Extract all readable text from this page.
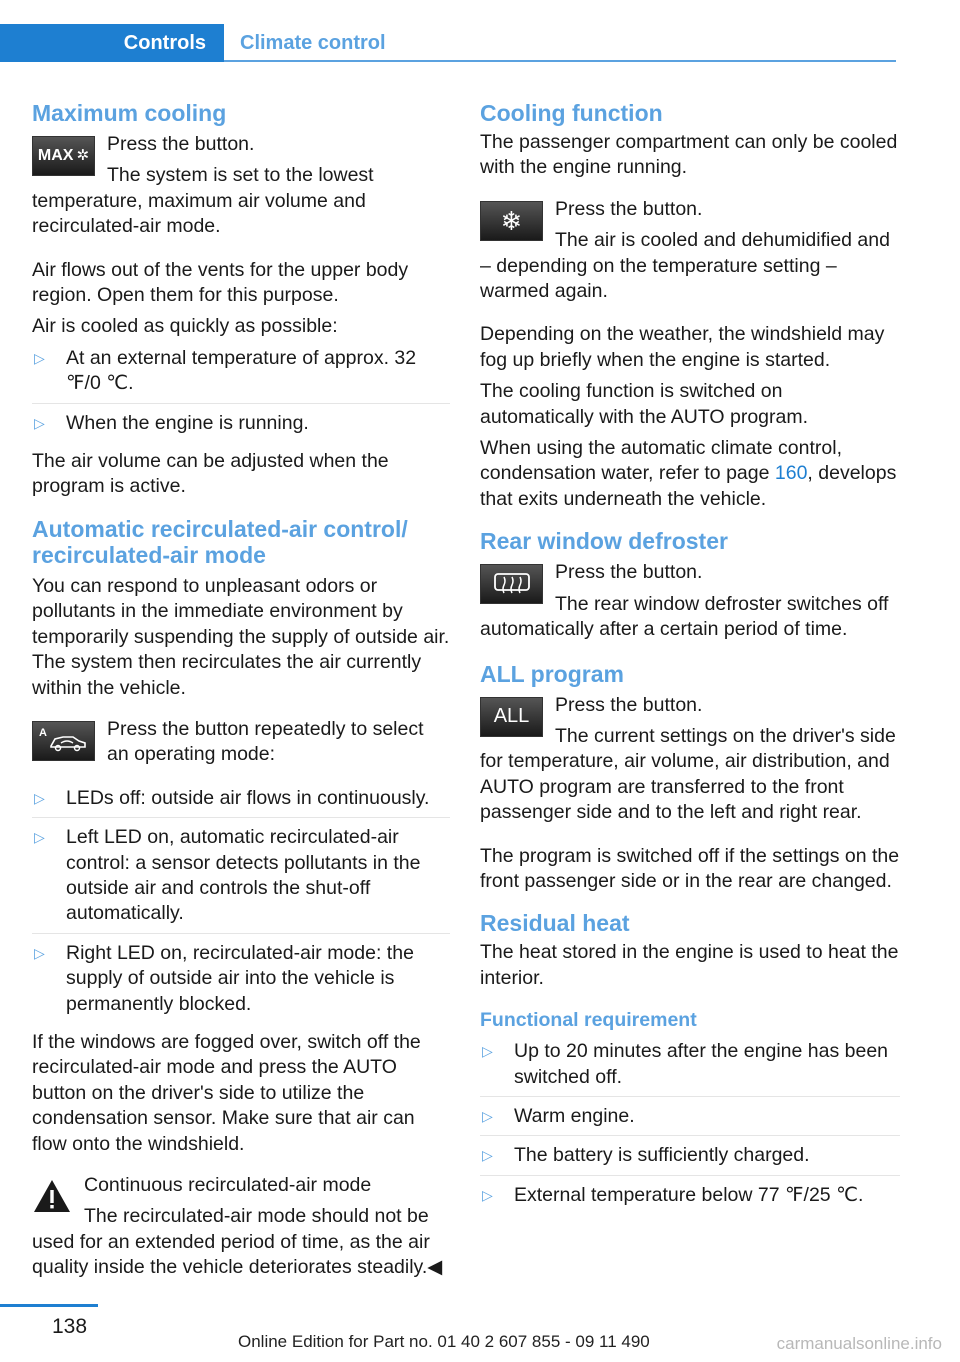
Controls	Climate control
Maximum cooling
MAX ✲

Press the button.

The system is set to the lowest temperature, maximum air volume and recirculated-air mode.

Air flows out of the vents for the upper body region. Open them for this purpose.

Air is cooled as quickly as possible:

▷ At an external temperature of approx. 32 ℉/0 ℃.
▷ When the engine is running.

The air volume can be adjusted when the program is active.

Automatic recirculated-air control/ recirculated-air mode

You can respond to unpleasant odors or pollutants in the immediate environment by temporarily suspending the supply of outside air. The system then recirculates the air currently within the vehicle.

A	Press the button repeatedly to select an operating mode:

▷ LEDs off: outside air flows in continuously.
▷ Left LED on, automatic recirculated-air control: a sensor detects pollutants in the outside air and controls the shut-off automatically.
▷ Right LED on, recirculated-air mode: the supply of outside air into the vehicle is permanently blocked.

If the windows are fogged over, switch off the recirculated-air mode and press the AUTO button on the driver's side to utilize the condensation sensor. Make sure that air can flow onto the windshield.

Continuous recirculated-air mode

The recirculated-air mode should not be used for an extended period of time, as the air quality inside the vehicle deteriorates steadily.◀

Cooling function

The passenger compartment can only be cooled with the engine running.

❄	Press the button.

The air is cooled and dehumidified and – depending on the temperature setting – warmed again.

Depending on the weather, the windshield may fog up briefly when the engine is started.

The cooling function is switched on automatically with the AUTO program.

When using the automatic climate control, condensation water, refer to page 160, develops that exits underneath the vehicle.

Rear window defroster

Press the button.

The rear window defroster switches off automatically after a certain period of time.

ALL program
ALL

Press the button.

The current settings on the driver's side for temperature, air volume, air distribution, and AUTO program are transferred to the front passenger side and to the left and right rear.

The program is switched off if the settings on the front passenger side or in the rear are changed.

Residual heat

The heat stored in the engine is used to heat the interior.

Functional requirement
▷ Up to 20 minutes after the engine has been switched off.
▷ Warm engine.
▷ The battery is sufficiently charged.
▷ External temperature below 77 ℉/25 ℃.
138
Online Edition for Part no. 01 40 2 607 855 - 09 11 490	carmanualsonline.info
